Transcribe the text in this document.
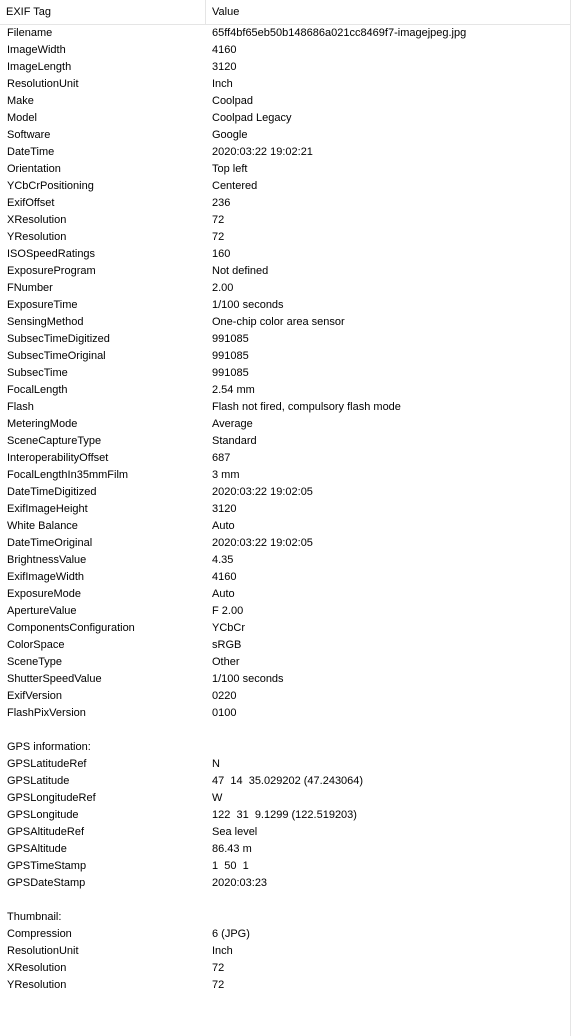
EXIF Tag	Value
Filename	65ff4bf65eb50b148686a021cc8469f7-imagejpeg.jpg
ImageWidth	4160
ImageLength	3120
ResolutionUnit	Inch
Make	Coolpad
Model	Coolpad Legacy
Software	Google
DateTime	2020:03:22 19:02:21
Orientation	Top left
YCbCrPositioning	Centered
ExifOffset	236
XResolution	72
YResolution	72
ISOSpeedRatings	160
ExposureProgram	Not defined
FNumber	2.00
ExposureTime	1/100 seconds
SensingMethod	One-chip color area sensor
SubsecTimeDigitized	991085
SubsecTimeOriginal	991085
SubsecTime	991085
FocalLength	2.54 mm
Flash	Flash not fired, compulsory flash mode
MeteringMode	Average
SceneCaptureType	Standard
InteroperabilityOffset	687
FocalLengthIn35mmFilm	3 mm
DateTimeDigitized	2020:03:22 19:02:05
ExifImageHeight	3120
White Balance	Auto
DateTimeOriginal	2020:03:22 19:02:05
BrightnessValue	4.35
ExifImageWidth	4160
ExposureMode	Auto
ApertureValue	F 2.00
ComponentsConfiguration	YCbCr
ColorSpace	sRGB
SceneType	Other
ShutterSpeedValue	1/100 seconds
ExifVersion	0220
FlashPixVersion	0100
GPS information:
GPSLatitudeRef	N
GPSLatitude	47  14  35.029202 (47.243064)
GPSLongitudeRef	W
GPSLongitude	122  31  9.1299 (122.519203)
GPSAltitudeRef	Sea level
GPSAltitude	86.43 m
GPSTimeStamp	1  50  1
GPSDateStamp	2020:03:23
Thumbnail:
Compression	6 (JPG)
ResolutionUnit	Inch
XResolution	72
YResolution	72
